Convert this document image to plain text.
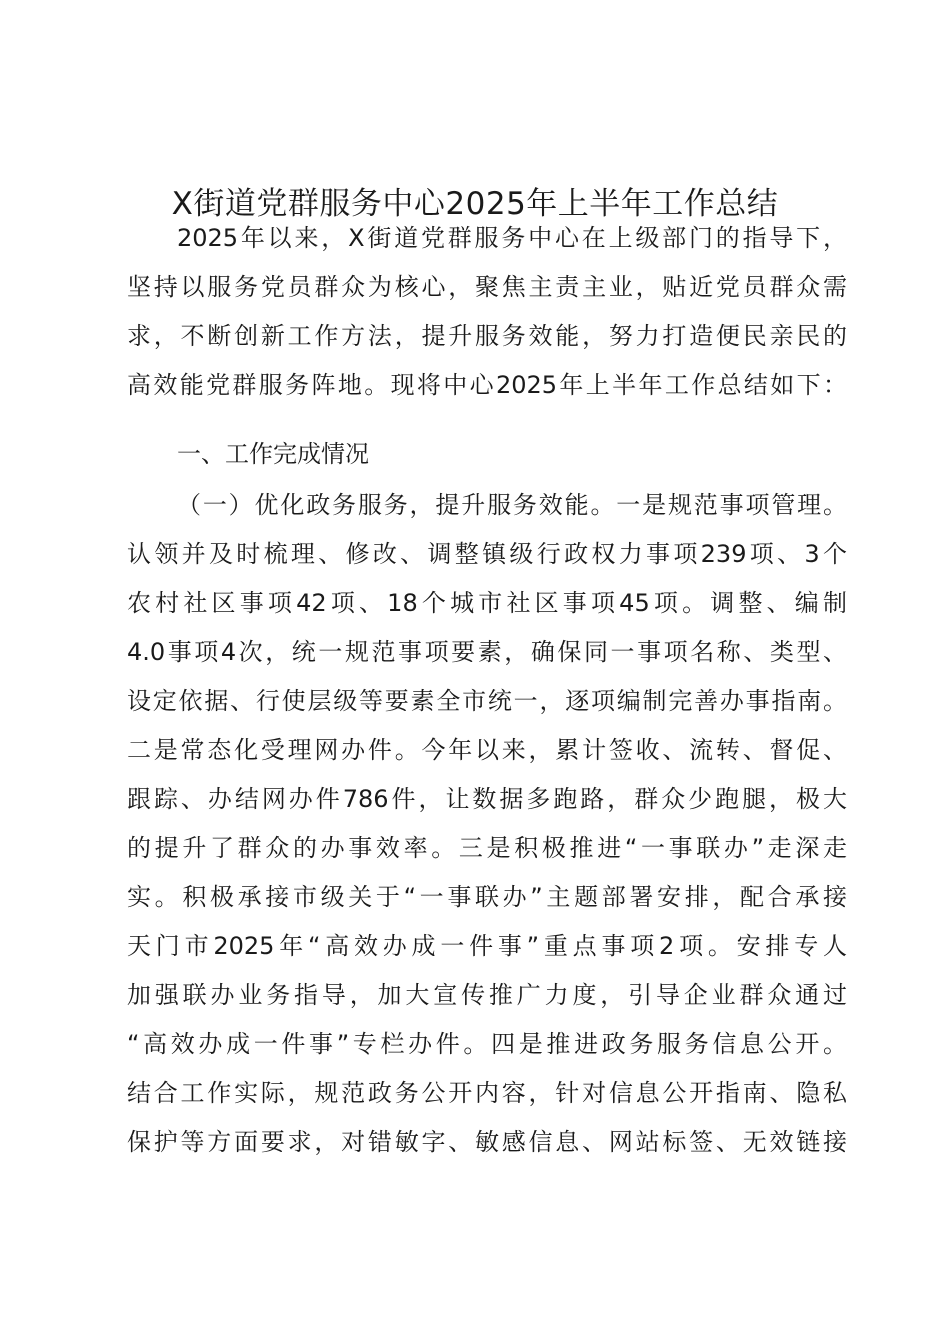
X街道党群服务中心2025年上半年工作总结
2025年以来，X街道党群服务中心在上级部门的指导下，
坚持以服务党员群众为核心，聚焦主责主业，贴近党员群众需
求，不断创新工作方法，提升服务效能，努力打造便民亲民的
高效能党群服务阵地。现将中心2025年上半年工作总结如下：
一、工作完成情况
（一）优化政务服务，提升服务效能。一是规范事项管理。
认领并及时梳理、修改、调整镇级行政权力事项239项、3个
农村社区事项42项、18个城市社区事项45项。调整、编制
4.0事项4次，统一规范事项要素，确保同一事项名称、类型、
设定依据、行使层级等要素全市统一，逐项编制完善办事指南。
二是常态化受理网办件。今年以来，累计签收、流转、督促、
跟踪、办结网办件786件，让数据多跑路，群众少跑腿，极大
的提升了群众的办事效率。三是积极推进“一事联办”走深走
实。积极承接市级关于“一事联办”主题部署安排，配合承接
天门市2025年“高效办成一件事”重点事项2项。安排专人
加强联办业务指导，加大宣传推广力度，引导企业群众通过
“高效办成一件事”专栏办件。四是推进政务服务信息公开。
结合工作实际，规范政务公开内容，针对信息公开指南、隐私
保护等方面要求，对错敏字、敏感信息、网站标签、无效链接
